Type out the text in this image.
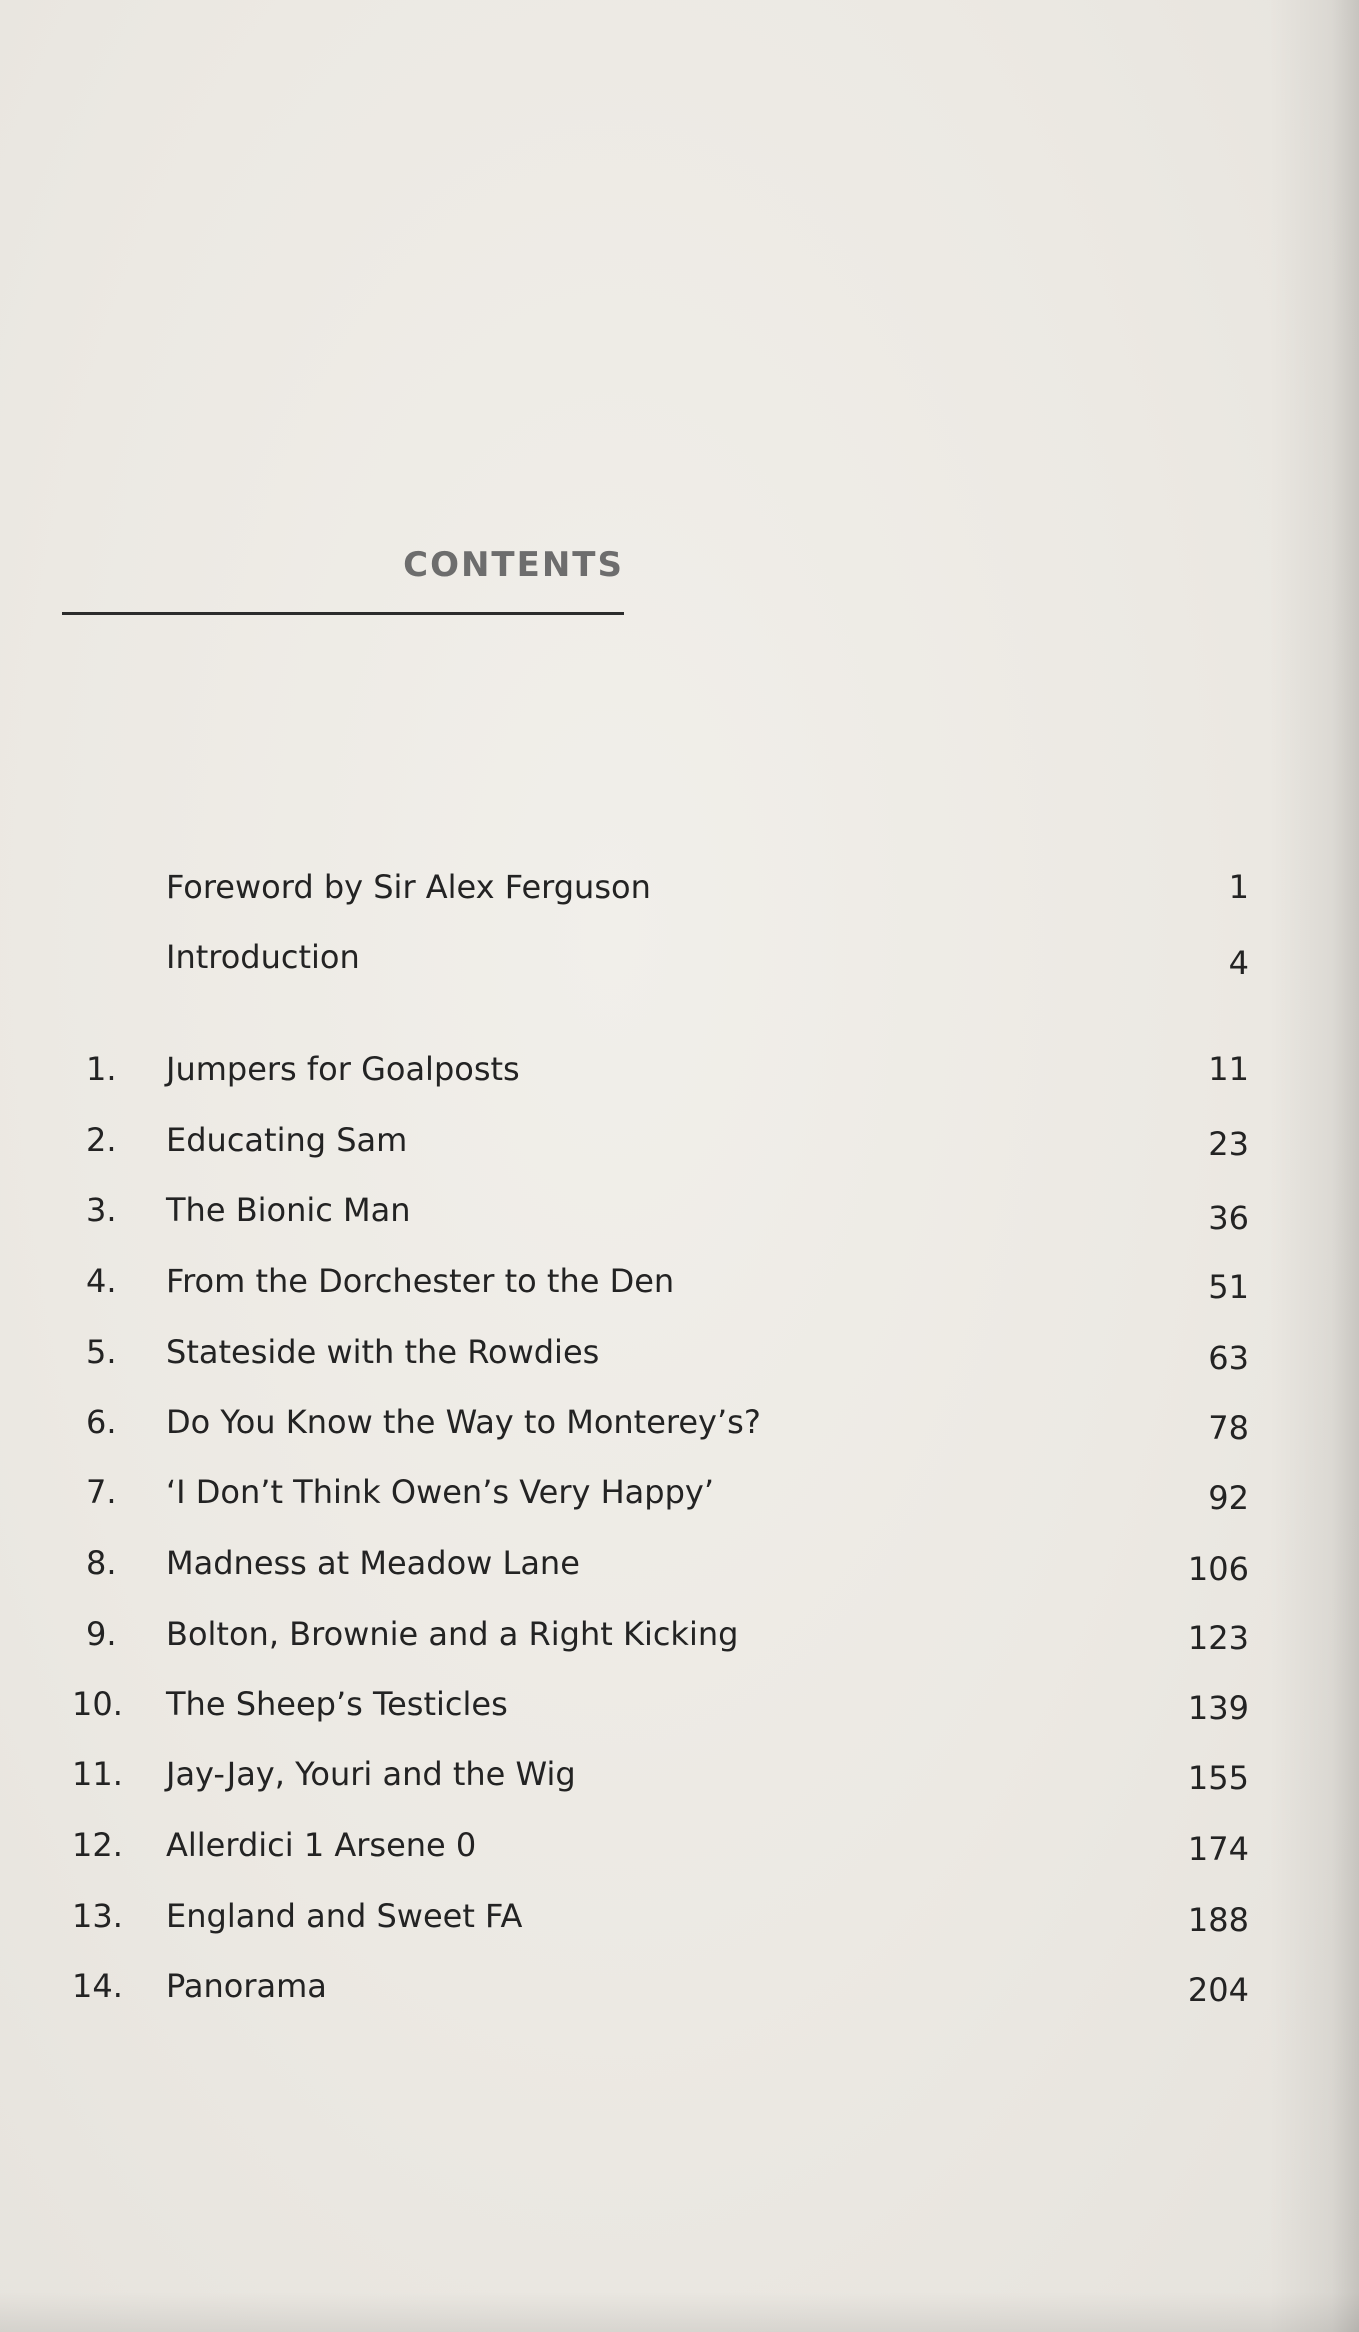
CONTENTS
Foreword by Sir Alex Ferguson	1
Introduction	4
1. Jumpers for Goalposts	11
2. Educating Sam	23
3. The Bionic Man	36
4. From the Dorchester to the Den	51
5. Stateside with the Rowdies	63
6. Do You Know the Way to Monterey’s?	78
7. ‘I Don’t Think Owen’s Very Happy’	92
8. Madness at Meadow Lane	106
9. Bolton, Brownie and a Right Kicking	123
10. The Sheep’s Testicles	139
11. Jay-Jay, Youri and the Wig	155
12. Allerdici 1 Arsene 0	174
13. England and Sweet FA	188
14. Panorama	204
